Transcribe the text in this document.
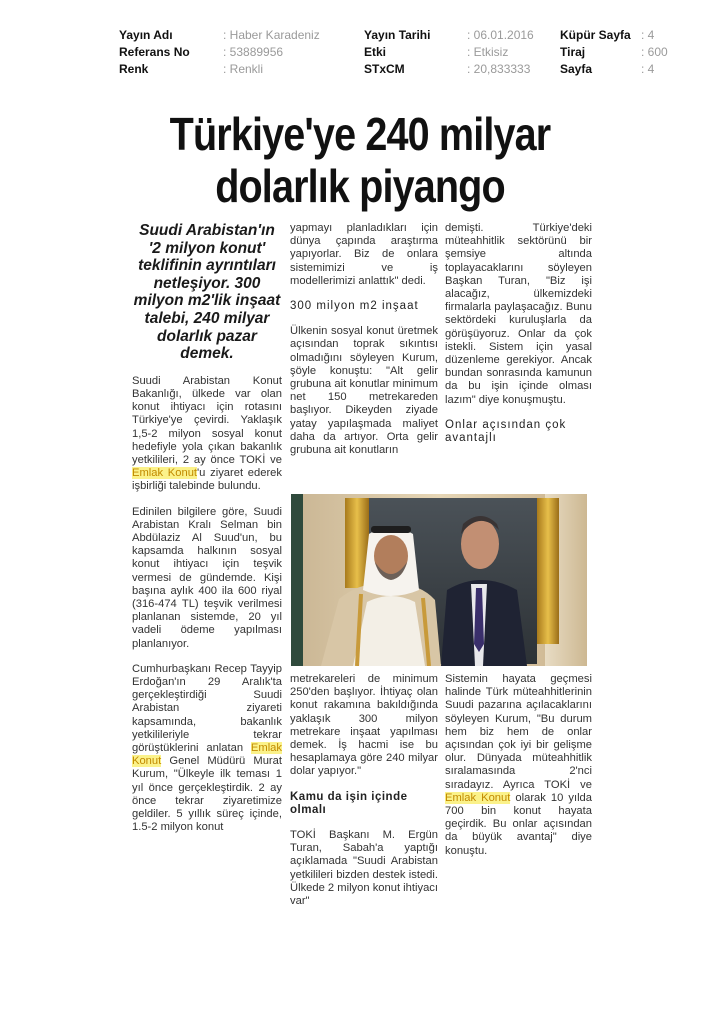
Yayın Adı	: Haber Karadeniz	Yayın Tarihi	: 06.01.2016 Küpür Sayfa : 4
Referans No	: 53889956	Etki	: Etkisiz	Tiraj	: 600
Renk	: Renkli	STxCM	: 20,833333 Sayfa	: 4
Türkiye'ye 240 milyar
dolarlık piyango

Suudi Arabistan'ın '2 milyon konut' teklifinin ayrıntıları netleşiyor. 300 milyon m2'lik inşaat talebi, 240 milyar dolarlık pazar demek.

Suudi Arabistan Konut Bakanlığı, ülkede var olan konut ihtiyacı için rotasını Türkiye'ye çevirdi. Yaklaşık 1,5-2 milyon sosyal konut hedefiyle yola çıkan bakanlık yetkilileri, 2 ay önce TOKİ ve Emlak Konut'u ziyaret ederek işbirliği talebinde bulundu.

Edinilen bilgilere göre, Suudi Arabistan Kralı Selman bin Abdülaziz Al Suud'un, bu kapsamda halkının sosyal konut ihtiyacı için teşvik vermesi de gündemde. Kişi başına aylık 400 ila 600 riyal (316-474 TL) teşvik verilmesi planlanan sistemde, 20 yıl vadeli ödeme yapılması planlanıyor.

Cumhurbaşkanı Recep Tayyip Erdoğan'ın 29 Aralık'ta gerçekleştirdiği Suudi Arabistan ziyareti kapsamında, bakanlık yetkilileriyle tekrar görüştüklerini anlatan Emlak Konut Genel Müdürü Murat Kurum, "Ülkeyle ilk teması 1 yıl önce gerçekleştirdik. 2 ay önce tekrar ziyaretimize geldiler. 5 yıllık süreç içinde, 1.5-2 milyon konut

yapmayı planladıkları için dünya çapında araştırma yapıyorlar. Biz de onlara sistemimizi ve iş modellerimizi anlattık" dedi.

300 milyon m2 inşaat

Ülkenin sosyal konut üretmek açısından toprak sıkıntısı olmadığını söyleyen Kurum, şöyle konuştu: "Alt gelir grubuna ait konutlar minimum net 150 metrekareden başlıyor. Dikeyden ziyade yatay yapılaşmada maliyet daha da artıyor. Orta gelir grubuna ait konutların

demişti. Türkiye'deki müteahhitlik sektörünü bir şemsiye altında toplayacaklarını söyleyen Başkan Turan, "Biz işi alacağız, ülkemizdeki firmalarla paylaşacağız. Bunu sektördeki kuruluşlarla da görüşüyoruz. Onlar da çok istekli. Sistem için yasal düzenleme gerekiyor. Ancak bundan sonrasında kamunun da bu işin içinde olması lazım" diye konuşmuştu.

Onlar açısından çok avantajlı

metrekareleri de minimum 250'den başlıyor. İhtiyaç olan konut rakamına bakıldığında yaklaşık 300 milyon metrekare inşaat yapılması demek. İş hacmi ise bu hesaplamaya göre 240 milyar dolar yapıyor."

Kamu da işin içinde olmalı

TOKİ Başkanı M. Ergün Turan, Sabah'a yaptığı açıklamada "Suudi Arabistan yetkilileri bizden destek istedi. Ülkede 2 milyon konut ihtiyacı var"

Sistemin hayata geçmesi halinde Türk müteahhitlerinin Suudi pazarına açılacaklarını söyleyen Kurum, "Bu durum hem biz hem de onlar açısından çok iyi bir gelişme olur. Dünyada müteahhitlik sıralamasında 2'nci sıradayız. Ayrıca TOKİ ve Emlak Konut olarak 10 yılda 700 bin konut hayata geçirdik. Bu onlar açısından da büyük avantaj" diye konuştu.
